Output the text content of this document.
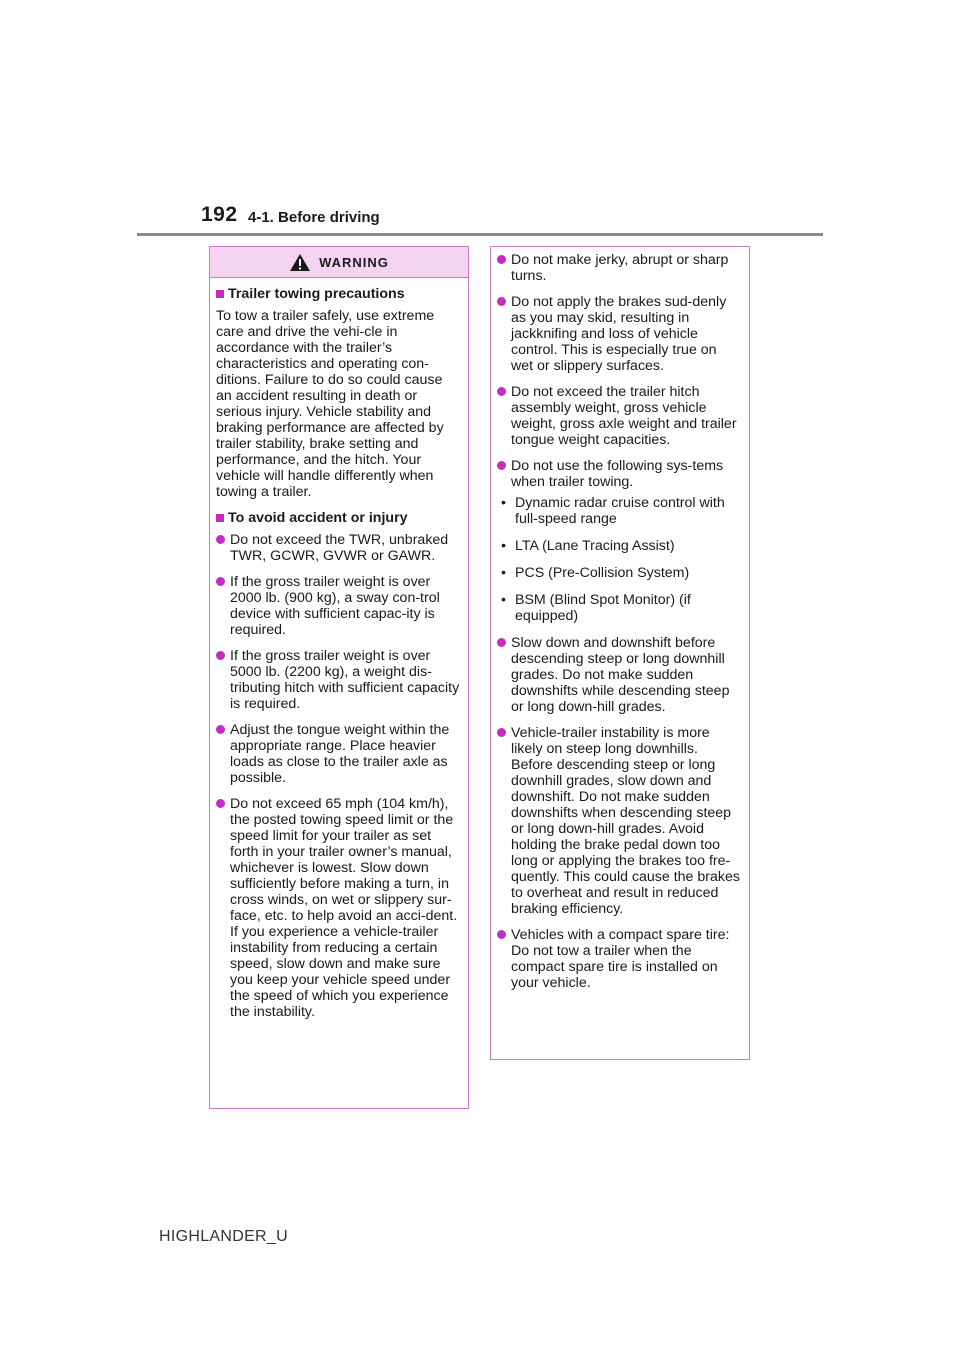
192 4-1. Before driving
WARNING
Trailer towing precautions

To tow a trailer safely, use extreme care and drive the vehi-cle in accordance with the trailer’s characteristics and operating con-ditions. Failure to do so could cause an accident resulting in death or serious injury. Vehicle stability and braking performance are affected by trailer stability, brake setting and performance, and the hitch. Your vehicle will handle differently when towing a trailer.

To avoid accident or injury
Do not exceed the TWR, unbraked TWR, GCWR, GVWR or GAWR.
If the gross trailer weight is over 2000 lb. (900 kg), a sway con-trol device with sufficient capac-ity is required.
If the gross trailer weight is over 5000 lb. (2200 kg), a weight dis-tributing hitch with sufficient capacity is required.
Adjust the tongue weight within the appropriate range. Place heavier loads as close to the trailer axle as possible.
Do not exceed 65 mph (104 km/h), the posted towing speed limit or the speed limit for your trailer as set forth in your trailer owner’s manual, whichever is lowest. Slow down sufficiently before making a turn, in cross winds, on wet or slippery sur-face, etc. to help avoid an acci-dent. If you experience a vehicle-trailer instability from reducing a certain speed, slow down and make sure you keep your vehicle speed under the speed of which you experience the instability.
Do not make jerky, abrupt or sharp turns.
Do not apply the brakes sud-denly as you may skid, resulting in jackknifing and loss of vehicle control. This is especially true on wet or slippery surfaces.
Do not exceed the trailer hitch assembly weight, gross vehicle weight, gross axle weight and trailer tongue weight capacities.
Do not use the following sys-tems when trailer towing.
• Dynamic radar cruise control with full-speed range
• LTA (Lane Tracing Assist)
• PCS (Pre-Collision System)
• BSM (Blind Spot Monitor) (if equipped)
Slow down and downshift before descending steep or long downhill grades. Do not make sudden downshifts while descending steep or long down-hill grades.
Vehicle-trailer instability is more likely on steep long downhills. Before descending steep or long downhill grades, slow down and downshift. Do not make sudden downshifts when descending steep or long down-hill grades. Avoid holding the brake pedal down too long or applying the brakes too fre-quently. This could cause the brakes to overheat and result in reduced braking efficiency.
Vehicles with a compact spare tire: Do not tow a trailer when the compact spare tire is installed on your vehicle.
HIGHLANDER_U
